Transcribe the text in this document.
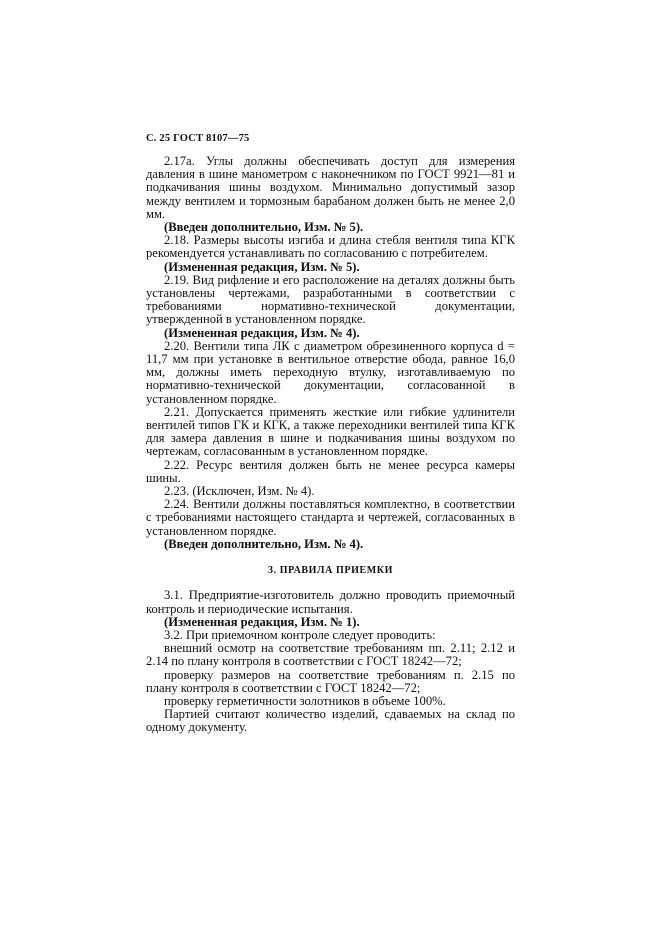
С. 25 ГОСТ 8107—75

2.17а. Углы должны обеспечивать доступ для измерения давления в шине манометром с наконечником по ГОСТ 9921—81 и подкачивания шины воздухом. Минимально допустимый зазор между вентилем и тормозным барабаном должен быть не менее 2,0 мм.

(Введен дополнительно, Изм. № 5).

2.18. Размеры высоты изгиба и длина стебля вентиля типа КГК рекомендуется устанавливать по согласованию с потребителем.

(Измененная редакция, Изм. № 5).

2.19. Вид рифление и его расположение на деталях должны быть установлены чертежами, разработанными в соответствии с требованиями нормативно-технической документации, утвержденной в установленном порядке.

(Измененная редакция, Изм. № 4).

2.20. Вентили типа ЛК с диаметром обрезиненного корпуса d = 11,7 мм при установке в вентильное отверстие обода, равное 16,0 мм, должны иметь переходную втулку, изготавливаемую по нормативно-технической документации, согласованной в установленном порядке.

2.21. Допускается применять жесткие или гибкие удлинители вентилей типов ГК и КГК, а также переходники вентилей типа КГК для замера давления в шине и подкачивания шины воздухом по чертежам, согласованным в установленном порядке.

2.22. Ресурс вентиля должен быть не менее ресурса камеры шины.

2.23. (Исключен, Изм. № 4).

2.24. Вентили должны поставляться комплектно, в соответствии с требованиями настоящего стандарта и чертежей, согласованных в установленном порядке.

(Введен дополнительно, Изм. № 4).

3. ПРАВИЛА ПРИЕМКИ

3.1. Предприятие-изготовитель должно проводить приемочный контроль и периодические испытания.

(Измененная редакция, Изм. № 1).

3.2. При приемочном контроле следует проводить:

внешний осмотр на соответствие требованиям пп. 2.11; 2.12 и 2.14 по плану контроля в соответствии с ГОСТ 18242—72;

проверку размеров на соответствие требованиям п. 2.15 по плану контроля в соответствии с ГОСТ 18242—72;

проверку герметичности золотников в объеме 100%.

Партией считают количество изделий, сдаваемых на склад по одному документу.
